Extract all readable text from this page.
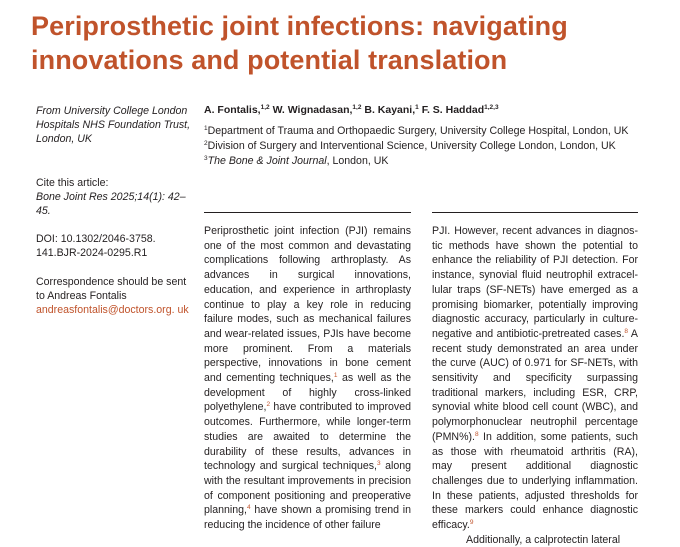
Periprosthetic joint infections: navigating innovations and potential translation

From University College London Hospitals NHS Foundation Trust, London, UK

Cite this article:

Bone Joint Res 2025;14(1): 42–45.

DOI: 10.1302/2046-3758. 141.BJR-2024-0295.R1

Correspondence should be sent to Andreas Fontalis

andreasfontalis@doctors.org. uk

A. Fontalis,$^{1,2}$ W. Wignadasan,$^{1,2}$ B. Kayani,$^1$ F. S. Haddad$^{1,2,3}$

$^1$Department of Trauma and Orthopaedic Surgery, University College Hospital, London, UK

$^2$Division of Surgery and Interventional Science, University College London, London, UK

$^3$The Bone & Joint Journal, London, UK

Periprosthetic joint infection (PJI) remains one of the most common and devastating complications following arthroplasty. As advances in surgical innovations, education, and experience in arthroplasty continue to play a key role in reducing failure modes, such as mechanical failures and wear-related issues, PJIs have become more prominent. From a materials perspective, innovations in bone cement and cementing techniques,$^1$ as well as the development of highly cross-linked polyethylene,$^2$ have contributed to improved outcomes. Furthermore, while longer-term studies are awaited to determine the durability of these results, advances in technology and surgical techniques,$^3$ along with the resultant improvements in precision of component positioning and preoperative planning,$^4$ have shown a promising trend in reducing the incidence of other failure

PJI. However, recent advances in diagnostic methods have shown the potential to enhance the reliability of PJI detection. For instance, synovial fluid neutrophil extracellular traps (SF-NETs) have emerged as a promising biomarker, potentially improving diagnostic accuracy, particularly in culture-negative and antibiotic-pretreated cases.$^8$ A recent study demonstrated an area under the curve (AUC) of 0.971 for SF-NETs, with sensitivity and specificity surpassing traditional markers, including ESR, CRP, synovial white blood cell count (WBC), and polymorphonuclear neutrophil percentage (PMN%).$^8$ In addition, some patients, such as those with rheumatoid arthritis (RA), may present additional diagnostic challenges due to underlying inflammation. In these patients, adjusted thresholds for these markers could enhance diagnostic efficacy.$^9$

Additionally, a calprotectin lateral
